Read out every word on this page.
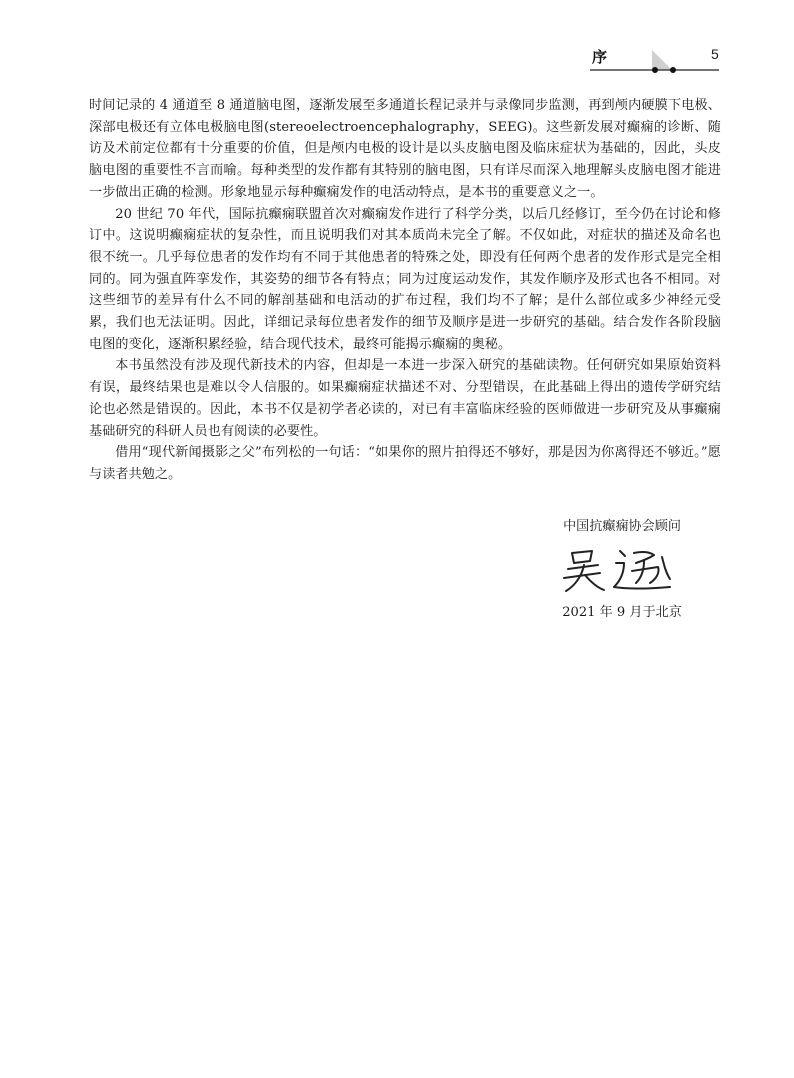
序	5

时间记录的 4 通道至 8 通道脑电图，逐渐发展至多通道长程记录并与录像同步监测，再到颅内硬膜下电极、深部电极还有立体电极脑电图(stereoelectroencephalography，SEEG)。这些新发展对癫痫的诊断、随访及术前定位都有十分重要的价值，但是颅内电极的设计是以头皮脑电图及临床症状为基础的，因此，头皮脑电图的重要性不言而喻。每种类型的发作都有其特别的脑电图，只有详尽而深入地理解头皮脑电图才能进一步做出正确的检测。形象地显示每种癫痫发作的电活动特点，是本书的重要意义之一。

20 世纪 70 年代，国际抗癫痫联盟首次对癫痫发作进行了科学分类，以后几经修订，至今仍在讨论和修订中。这说明癫痫症状的复杂性，而且说明我们对其本质尚未完全了解。不仅如此，对症状的描述及命名也很不统一。几乎每位患者的发作均有不同于其他患者的特殊之处，即没有任何两个患者的发作形式是完全相同的。同为强直阵挛发作，其姿势的细节各有特点；同为过度运动发作，其发作顺序及形式也各不相同。对这些细节的差异有什么不同的解剖基础和电活动的扩布过程，我们均不了解；是什么部位或多少神经元受累，我们也无法证明。因此，详细记录每位患者发作的细节及顺序是进一步研究的基础。结合发作各阶段脑电图的变化，逐渐积累经验，结合现代技术，最终可能揭示癫痫的奥秘。

本书虽然没有涉及现代新技术的内容，但却是一本进一步深入研究的基础读物。任何研究如果原始资料有误，最终结果也是难以令人信服的。如果癫痫症状描述不对、分型错误，在此基础上得出的遗传学研究结论也必然是错误的。因此，本书不仅是初学者必读的，对已有丰富临床经验的医师做进一步研究及从事癫痫基础研究的科研人员也有阅读的必要性。

借用“现代新闻摄影之父”布列松的一句话：“如果你的照片拍得还不够好，那是因为你离得还不够近。”愿与读者共勉之。

中国抗癫痫协会顾问
2021 年 9 月于北京
